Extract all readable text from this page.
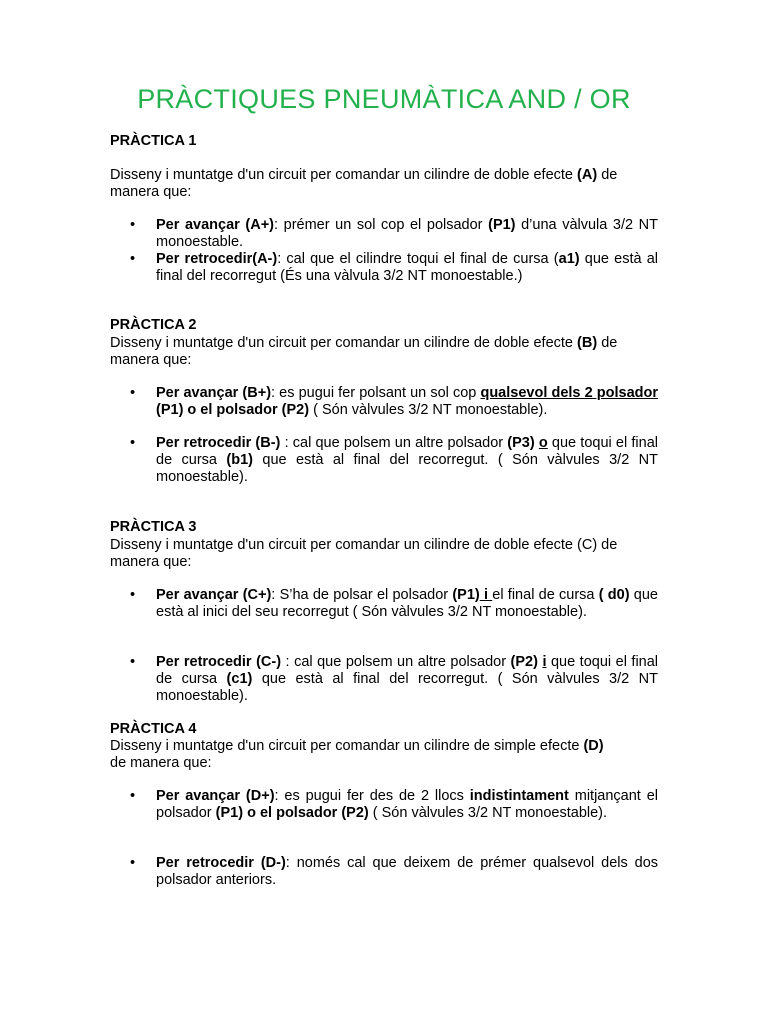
PRÀCTIQUES PNEUMÀTICA AND / OR
PRÀCTICA 1

Disseny i muntatge d'un circuit per comandar un cilindre de doble efecte (A) de manera que:

• Per avançar (A+): prémer un sol cop el polsador (P1) d’una vàlvula 3/2 NT monoestable.

• Per retrocedir(A-): cal que el cilindre toqui el final de cursa (a1) que està al final del recorregut (És una vàlvula 3/2 NT monoestable.)

PRÀCTICA 2

Disseny i muntatge d'un circuit per comandar un cilindre de doble efecte (B) de manera que:

• Per avançar (B+): es pugui fer polsant un sol cop qualsevol dels 2 polsador (P1) o el polsador (P2) ( Són vàlvules 3/2 NT monoestable).

• Per retrocedir (B-) : cal que polsem un altre polsador (P3) o que toqui el final de cursa (b1) que està al final del recorregut. ( Són vàlvules 3/2 NT monoestable).

PRÀCTICA 3

Disseny i muntatge d'un circuit per comandar un cilindre de doble efecte (C) de manera que:

• Per avançar (C+): S’ha de polsar el polsador (P1) i el final de cursa ( d0) que està al inici del seu recorregut ( Són vàlvules 3/2 NT monoestable).

• Per retrocedir (C-) : cal que polsem un altre polsador (P2) i que toqui el final de cursa (c1) que està al final del recorregut. ( Són vàlvules 3/2 NT monoestable).

PRÀCTICA 4

Disseny i muntatge d'un circuit per comandar un cilindre de simple efecte (D)
de manera que:

• Per avançar (D+): es pugui fer des de 2 llocs indistintament mitjançant el polsador (P1) o el polsador (P2) ( Són vàlvules 3/2 NT monoestable).

• Per retrocedir (D-): només cal que deixem de prémer qualsevol dels dos polsador anteriors.
